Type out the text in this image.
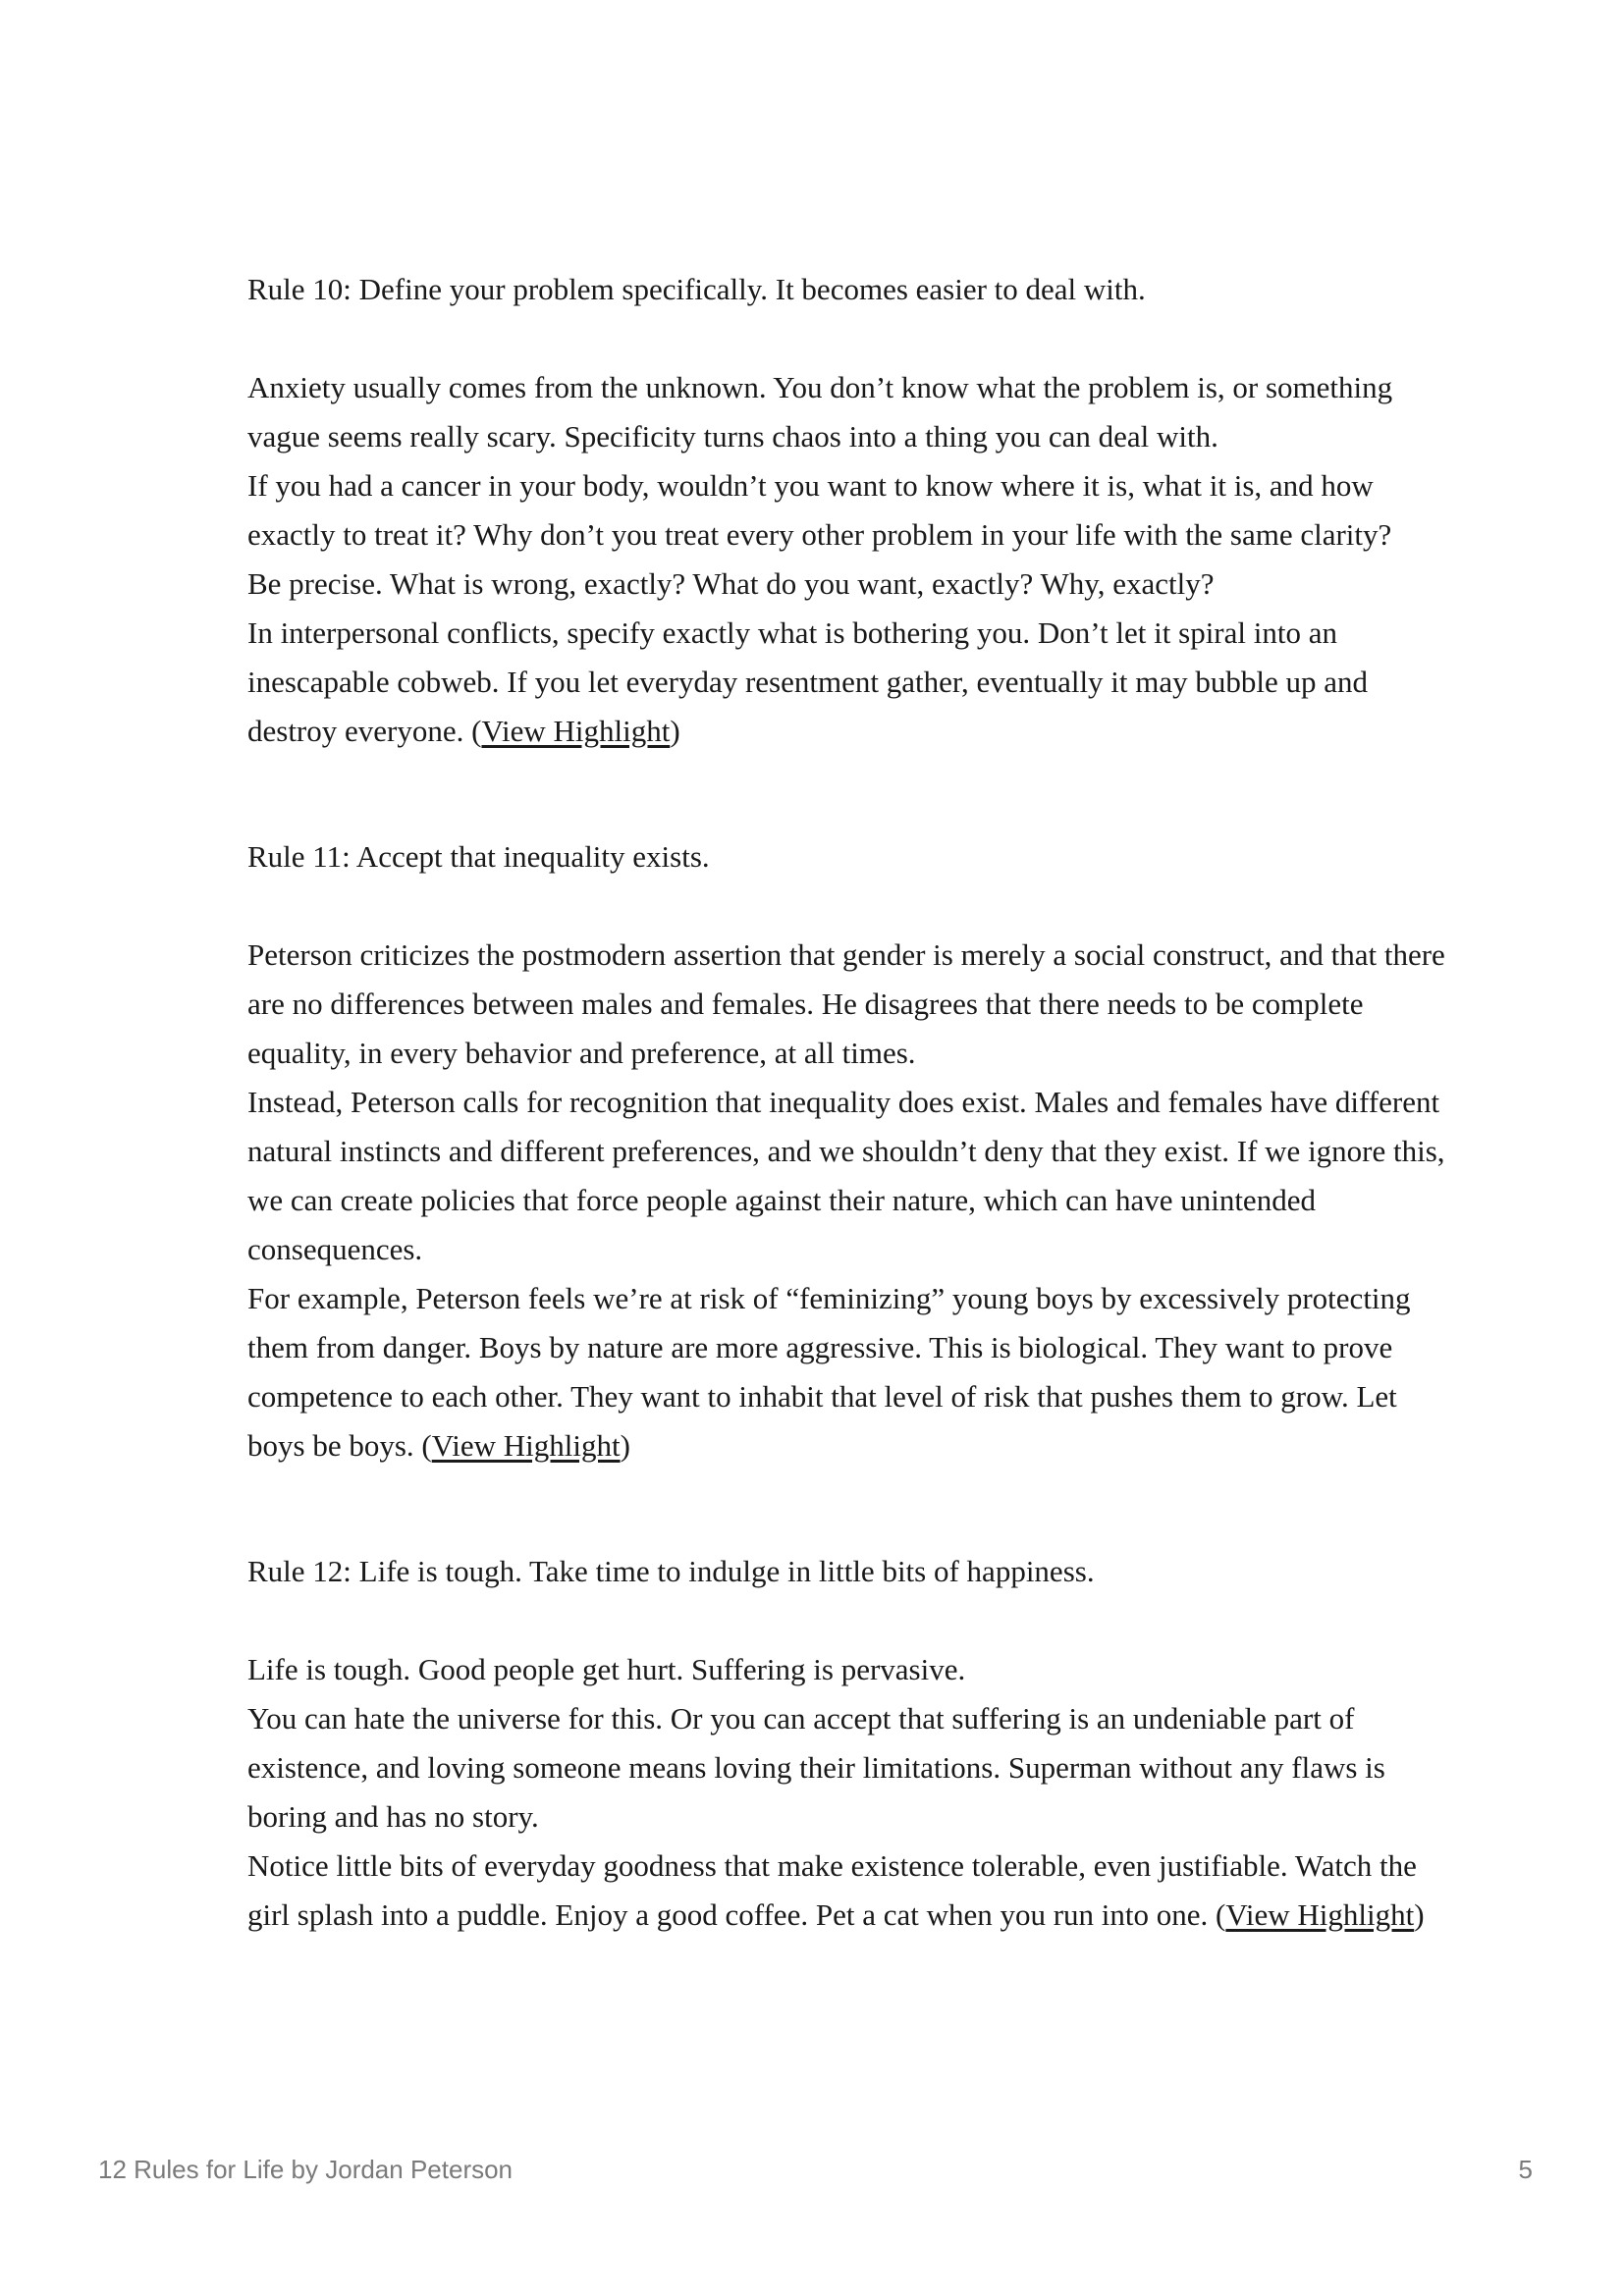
Rule 10: Define your problem specifically. It becomes easier to deal with.

Anxiety usually comes from the unknown. You don’t know what the problem is, or something vague seems really scary. Specificity turns chaos into a thing you can deal with.

If you had a cancer in your body, wouldn’t you want to know where it is, what it is, and how exactly to treat it? Why don’t you treat every other problem in your life with the same clarity?

Be precise. What is wrong, exactly? What do you want, exactly? Why, exactly?

In interpersonal conflicts, specify exactly what is bothering you. Don’t let it spiral into an inescapable cobweb. If you let everyday resentment gather, eventually it may bubble up and destroy everyone. (View Highlight)

Rule 11: Accept that inequality exists.

Peterson criticizes the postmodern assertion that gender is merely a social construct, and that there are no differences between males and females. He disagrees that there needs to be complete equality, in every behavior and preference, at all times.

Instead, Peterson calls for recognition that inequality does exist. Males and females have different natural instincts and different preferences, and we shouldn’t deny that they exist. If we ignore this, we can create policies that force people against their nature, which can have unintended consequences.

For example, Peterson feels we’re at risk of “feminizing” young boys by excessively protecting them from danger. Boys by nature are more aggressive. This is biological. They want to prove competence to each other. They want to inhabit that level of risk that pushes them to grow. Let boys be boys. (View Highlight)

Rule 12: Life is tough. Take time to indulge in little bits of happiness.

Life is tough. Good people get hurt. Suffering is pervasive.

You can hate the universe for this. Or you can accept that suffering is an undeniable part of existence, and loving someone means loving their limitations. Superman without any flaws is boring and has no story.

Notice little bits of everyday goodness that make existence tolerable, even justifiable. Watch the girl splash into a puddle. Enjoy a good coffee. Pet a cat when you run into one. (View Highlight)

12 Rules for Life by Jordan Peterson	5
